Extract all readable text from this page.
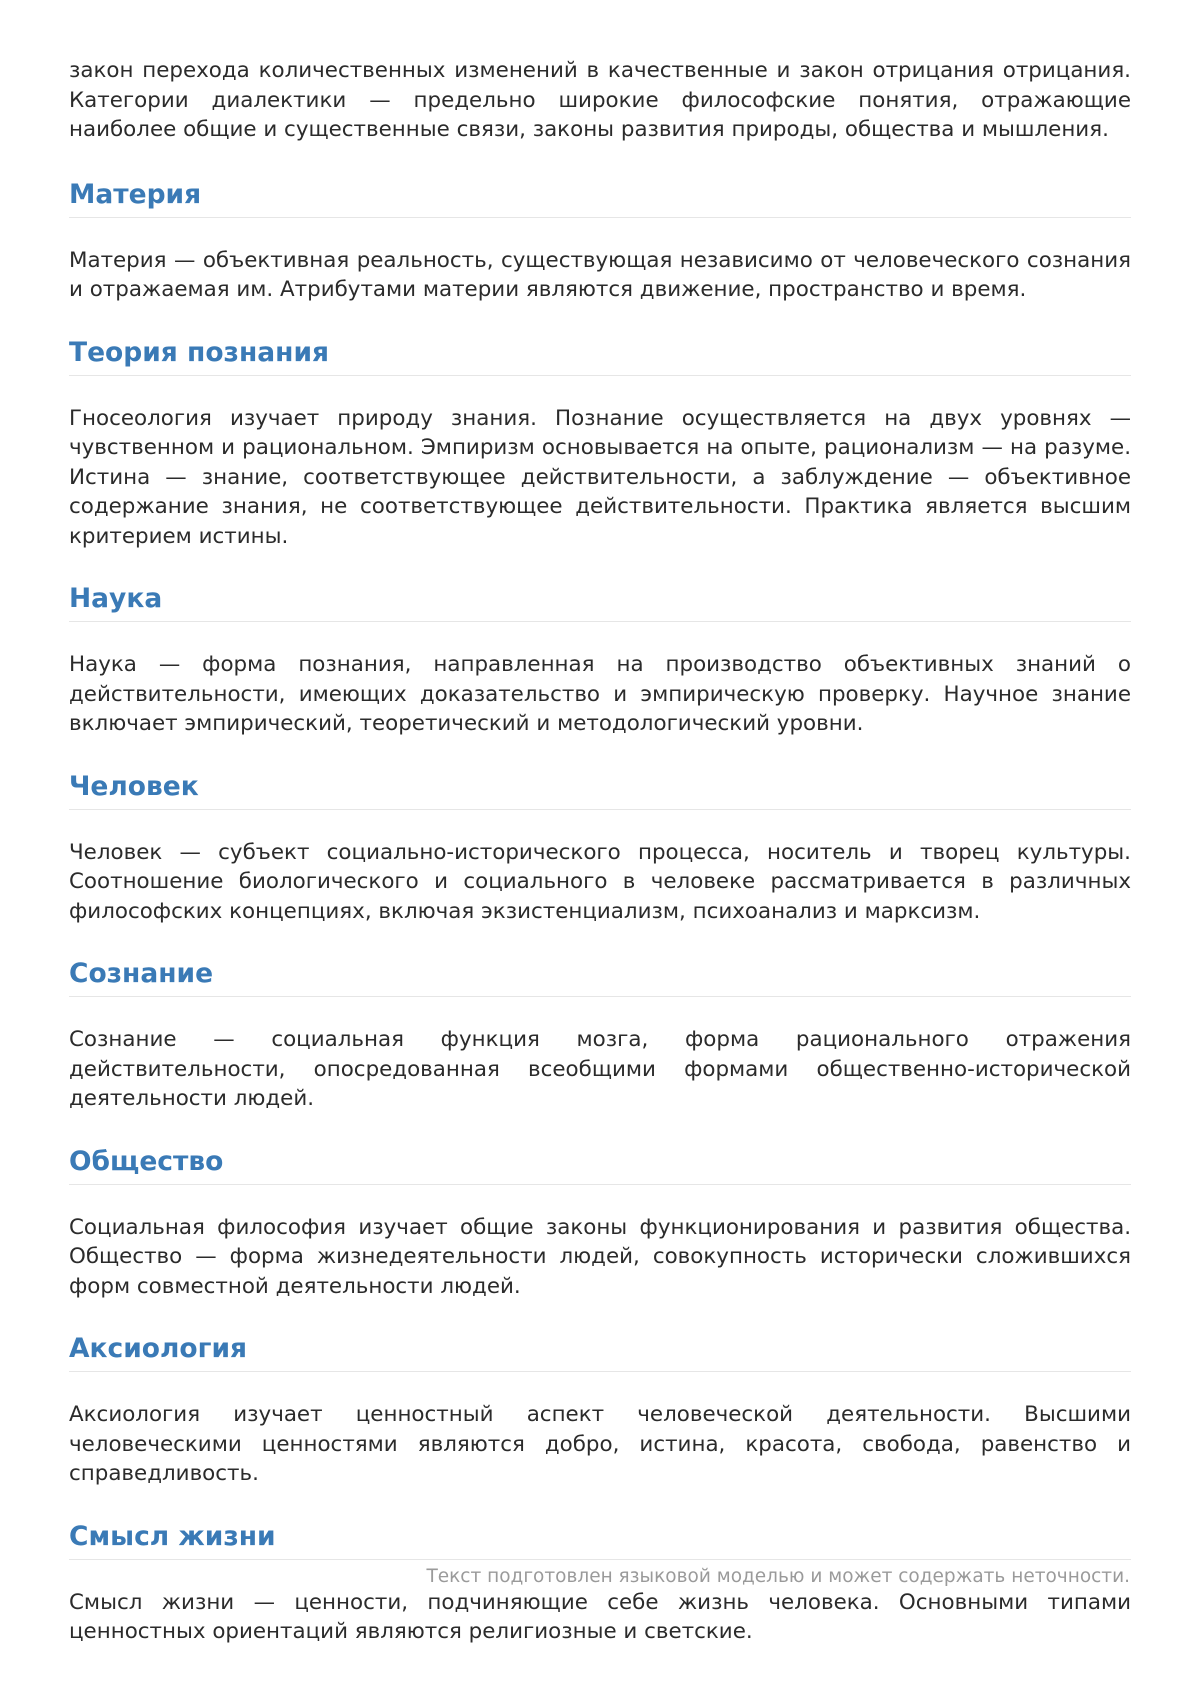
закон перехода количественных изменений в качественные и закон отрицания отрицания. Категории диалектики — предельно широкие философские понятия, отражающие наиболее общие и существенные связи, законы развития природы, общества и мышления.

Материя

Материя — объективная реальность, существующая независимо от человеческого сознания и отражаемая им. Атрибутами материи являются движение, пространство и время.

Теория познания

Гносеология изучает природу знания. Познание осуществляется на двух уровнях — чувственном и рациональном. Эмпиризм основывается на опыте, рационализм — на разуме. Истина — знание, соответствующее действительности, а заблуждение — объективное содержание знания, не соответствующее действительности. Практика является высшим критерием истины.

Наука

Наука — форма познания, направленная на производство объективных знаний о действительности, имеющих доказательство и эмпирическую проверку. Научное знание включает эмпирический, теоретический и методологический уровни.

Человек

Человек — субъект социально-исторического процесса, носитель и творец культуры. Соотношение биологического и социального в человеке рассматривается в различных философских концепциях, включая экзистенциализм, психоанализ и марксизм.

Сознание

Сознание — социальная функция мозга, форма рационального отражения действительности, опосредованная всеобщими формами общественно-исторической деятельности людей.

Общество

Социальная философия изучает общие законы функционирования и развития общества. Общество — форма жизнедеятельности людей, совокупность исторически сложившихся форм совместной деятельности людей.

Аксиология

Аксиология изучает ценностный аспект человеческой деятельности. Высшими человеческими ценностями являются добро, истина, красота, свобода, равенство и справедливость.

Смысл жизни

Смысл жизни — ценности, подчиняющие себе жизнь человека. Основными типами ценностных ориентаций являются религиозные и светские.

Текст подготовлен языковой моделью и может содержать неточности.
